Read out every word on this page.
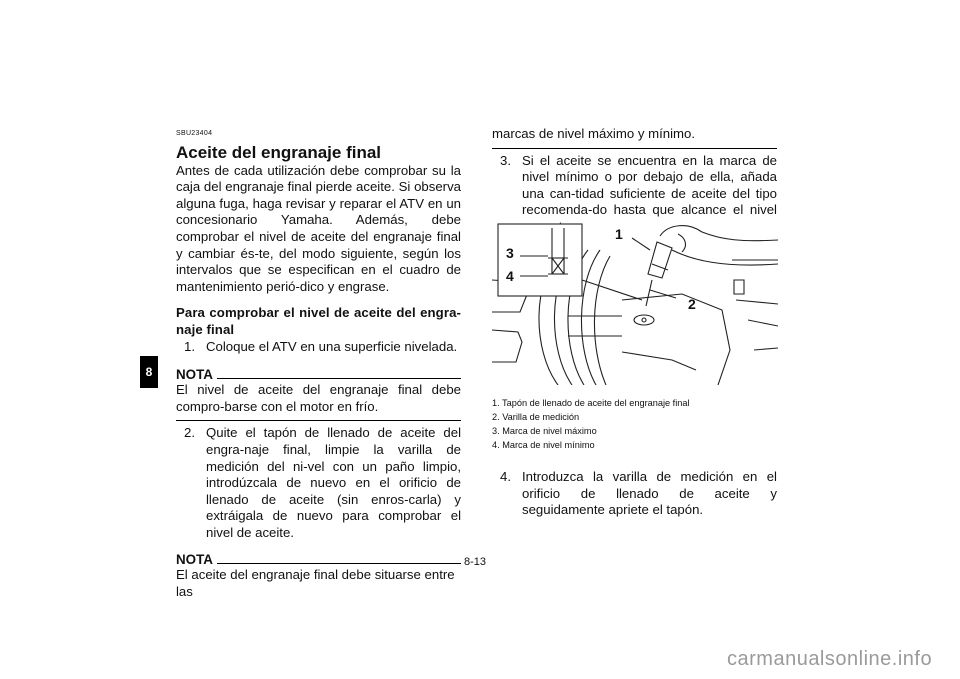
8
SBU23404
Aceite del engranaje final
Antes de cada utilización debe comprobar su la caja del engranaje final pierde aceite. Si observa alguna fuga, haga revisar y reparar el ATV en un concesionario Yamaha. Además, debe comprobar el nivel de aceite del engranaje final y cambiar és-te, del modo siguiente, según los intervalos que se especifican en el cuadro de mantenimiento perió-dico y engrase.
Para comprobar el nivel de aceite del engra-naje final
1. Coloque el ATV en una superficie nivelada.
NOTA
El nivel de aceite del engranaje final debe compro-barse con el motor en frío.
2. Quite el tapón de llenado de aceite del engra-naje final, limpie la varilla de medición del ni-vel con un paño limpio, introdúzcala de nuevo en el orificio de llenado de aceite (sin enros-carla) y extráigala de nuevo para comprobar el nivel de aceite.
NOTA
El aceite del engranaje final debe situarse entre las
marcas de nivel máximo y mínimo.
3. Si el aceite se encuentra en la marca de nivel mínimo o por debajo de ella, añada una can-tidad suficiente de aceite del tipo recomenda-do hasta que alcance el nivel
1
2
3
4
1. Tapón de llenado de aceite del engranaje final
2. Varilla de medición
3. Marca de nivel máximo
4. Marca de nivel mínimo
4. Introduzca la varilla de medición en el orificio de llenado de aceite y seguidamente apriete el tapón.
8-13
carmanualsonline.info
